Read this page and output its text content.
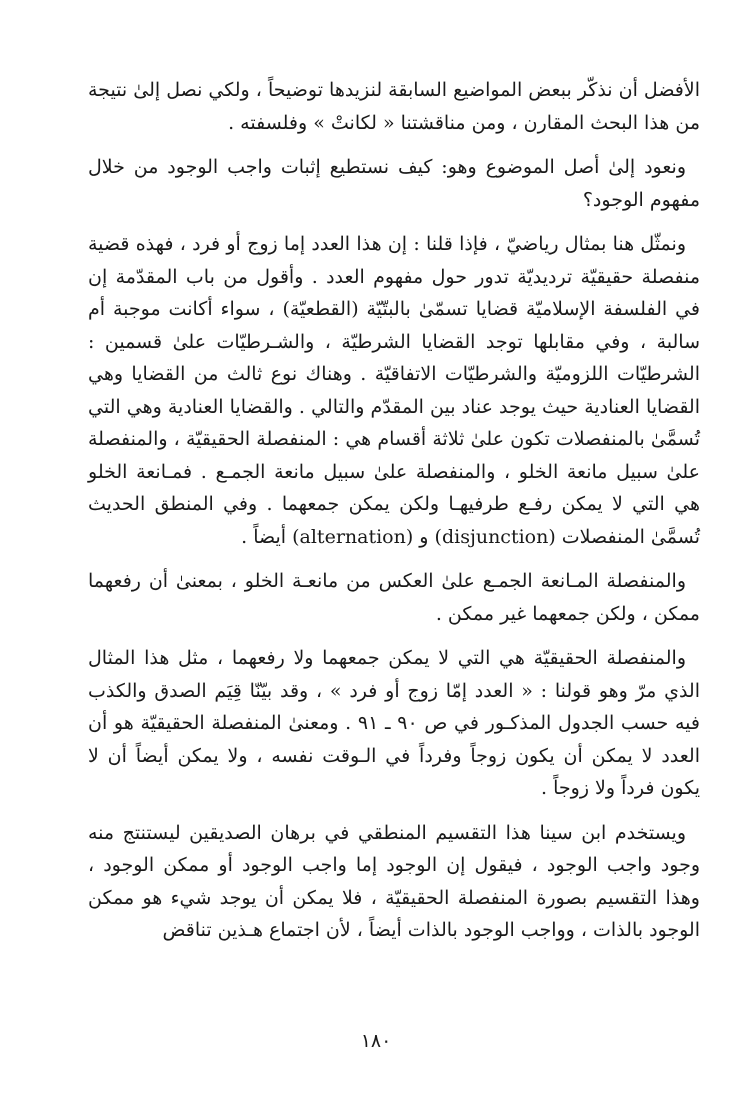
الأفضل أن نذكّر ببعض المواضيع السابقة لنزيدها توضيحاً ، ولكي نصل إلىٰ نتيجة من هذا البحث المقارن ، ومن مناقشتنا « لكانتْ » وفلسفته .

ونعود إلىٰ أصل الموضوع وهو: كيف نستطيع إثبات واجب الوجود من خلال مفهوم الوجود؟

ونمثّل هنا بمثال رياضيّ ، فإذا قلنا : إن هذا العدد إما زوج أو فرد ، فهذه قضية منفصلة حقيقيّة ترديديّة تدور حول مفهوم العدد . وأقول من باب المقدّمة إن في الفلسفة الإسلاميّة قضايا تسمّىٰ بالبتّيّة (القطعيّة) ، سواء أكانت موجبة أم سالبة ، وفي مقابلها توجد القضايا الشرطيّة ، والشـرطيّات علىٰ قسمين : الشرطيّات اللزوميّة والشرطيّات الاتفاقيّة . وهناك نوع ثالث من القضايا وهي القضايا العنادية حيث يوجد عناد بين المقدّم والتالي . والقضايا العنادية وهي التي تُسمَّىٰ بالمنفصلات تكون علىٰ ثلاثة أقسام هي : المنفصلة الحقيقيّة ، والمنفصلة علىٰ سبيل مانعة الخلو ، والمنفصلة علىٰ سبيل مانعة الجمـع . فمـانعة الخلو هي التي لا يمكن رفـع طرفيهـا ولكن يمكن جمعهما . وفي المنطق الحديث تُسمَّىٰ المنفصلات (disjunction) و (alternation) أيضاً .

والمنفصلة المـانعة الجمـع علىٰ العكس من مانعـة الخلو ، بمعنىٰ أن رفعهما ممكن ، ولكن جمعهما غير ممكن .

والمنفصلة الحقيقيّة هي التي لا يمكن جمعهما ولا رفعهما ، مثل هذا المثال الذي مرّ وهو قولنا : « العدد إمّا زوج أو فرد » ، وقد بيّنّا قِيَم الصدق والكذب فيه حسب الجدول المذكـور في ص ٩٠ ـ ٩١ . ومعنىٰ المنفصلة الحقيقيّة هو أن العدد لا يمكن أن يكون زوجاً وفرداً في الـوقت نفسه ، ولا يمكن أيضاً أن لا يكون فرداً ولا زوجاً .

ويستخدم ابن سينا هذا التقسيم المنطقي في برهان الصديقين ليستنتج منه وجود واجب الوجود ، فيقول إن الوجود إما واجب الوجود أو ممكن الوجود ، وهذا التقسيم بصورة المنفصلة الحقيقيّة ، فلا يمكن أن يوجد شيء هو ممكن الوجود بالذات ، وواجب الوجود بالذات أيضاً ، لأن اجتماع هـذين تناقض

١٨٠
